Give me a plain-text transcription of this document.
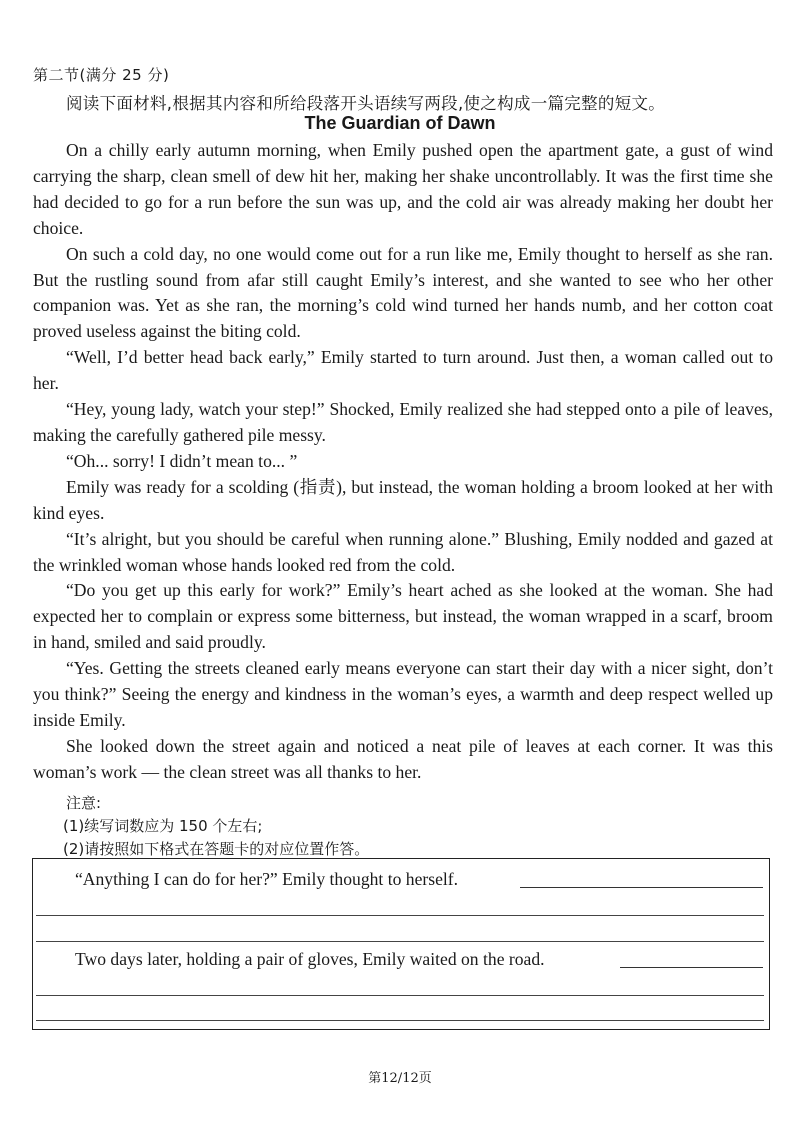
第二节(满分 25 分)
阅读下面材料,根据其内容和所给段落开头语续写两段,使之构成一篇完整的短文。
The Guardian of Dawn

On a chilly early autumn morning, when Emily pushed open the apartment gate, a gust of wind carrying the sharp, clean smell of dew hit her, making her shake uncontrollably. It was the first time she had decided to go for a run before the sun was up, and the cold air was already making her doubt her choice.

On such a cold day, no one would come out for a run like me, Emily thought to herself as she ran. But the rustling sound from afar still caught Emily’s interest, and she wanted to see who her other companion was. Yet as she ran, the morning’s cold wind turned her hands numb, and her cotton coat proved useless against the biting cold.

“Well, I’d better head back early,” Emily started to turn around. Just then, a woman called out to her.

“Hey, young lady, watch your step!” Shocked, Emily realized she had stepped onto a pile of leaves, making the carefully gathered pile messy.

“Oh... sorry! I didn’t mean to... ”

Emily was ready for a scolding (指责), but instead, the woman holding a broom looked at her with kind eyes.

“It’s alright, but you should be careful when running alone.” Blushing, Emily nodded and gazed at the wrinkled woman whose hands looked red from the cold.

“Do you get up this early for work?” Emily’s heart ached as she looked at the woman. She had expected her to complain or express some bitterness, but instead, the woman wrapped in a scarf, broom in hand, smiled and said proudly.

“Yes. Getting the streets cleaned early means everyone can start their day with a nicer sight, don’t you think?” Seeing the energy and kindness in the woman’s eyes, a warmth and deep respect welled up inside Emily.

She looked down the street again and noticed a neat pile of leaves at each corner. It was this woman’s work — the clean street was all thanks to her.

注意:
(1)续写词数应为 150 个左右;
(2)请按照如下格式在答题卡的对应位置作答。
“Anything I can do for her?” Emily thought to herself.
Two days later, holding a pair of gloves, Emily waited on the road.
第12/12页
